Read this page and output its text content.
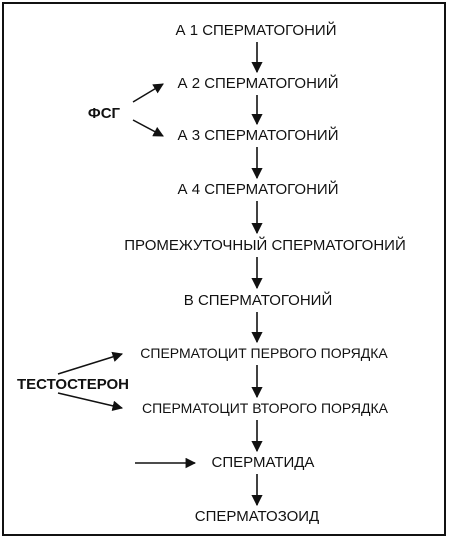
А 1 СПЕРМАТОГОНИЙ
А 2 СПЕРМАТОГОНИЙ
А 3 СПЕРМАТОГОНИЙ
А 4 СПЕРМАТОГОНИЙ
ПРОМЕЖУТОЧНЫЙ СПЕРМАТОГОНИЙ
В СПЕРМАТОГОНИЙ
СПЕРМАТОЦИТ ПЕРВОГО ПОРЯДКА
СПЕРМАТОЦИТ ВТОРОГО ПОРЯДКА
СПЕРМАТИДА
СПЕРМАТОЗОИД
ФСГ
ТЕСТОСТЕРОН
